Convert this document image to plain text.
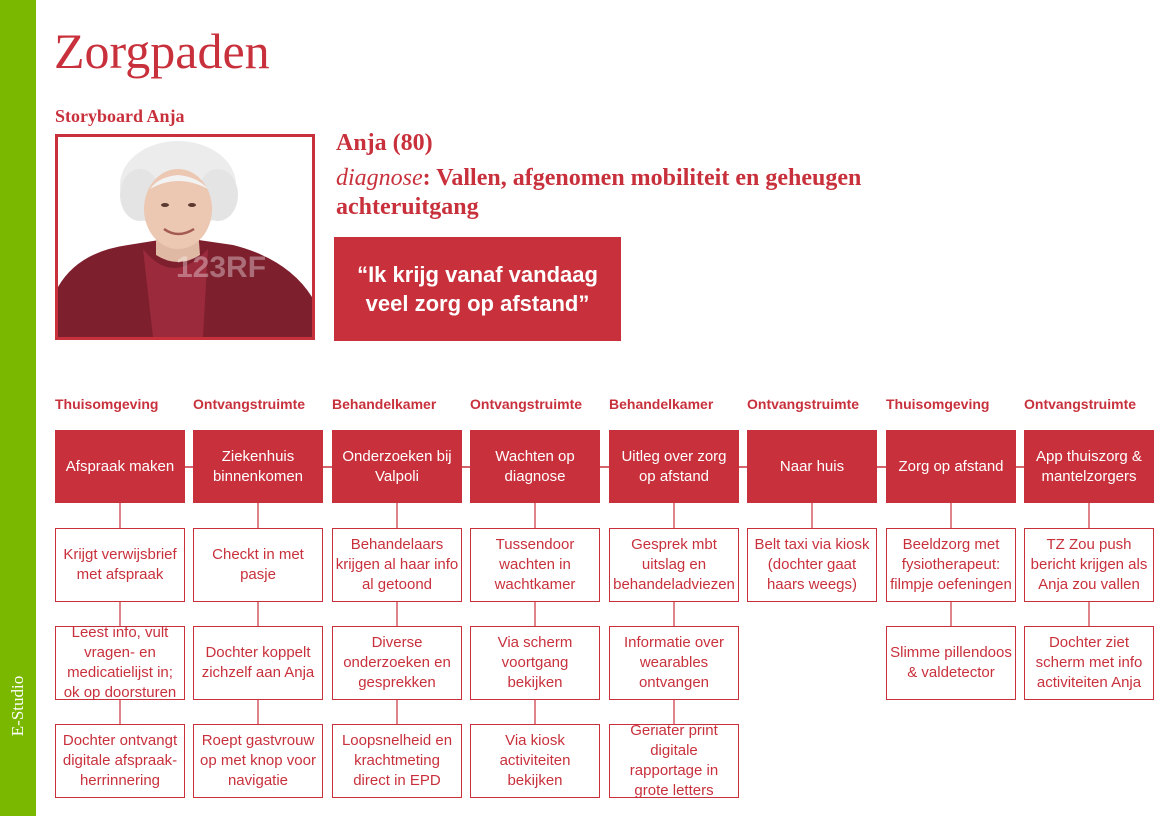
E-Studio
Zorgpaden
Storyboard Anja
123RF
Anja (80)
diagnose: Vallen, afgenomen mobiliteit en geheugen achteruitgang
“Ik krijg vanaf vandaag veel zorg op afstand”
Thuisomgeving
Afspraak maken
Krijgt verwijsbrief met afspraak
Leest info, vult vragen- en medicatielijst in; ok op doorsturen
Dochter ontvangt digitale afspraak-herrinnering
Ontvangstruimte
Ziekenhuis binnenkomen
Checkt in met pasje
Dochter koppelt zichzelf aan Anja
Roept gastvrouw op met knop voor navigatie
Behandelkamer
Onderzoeken bij Valpoli
Behandelaars krijgen al haar info al getoond
Diverse onderzoeken en gesprekken
Loopsnelheid en krachtmeting direct in EPD
Ontvangstruimte
Wachten op diagnose
Tussendoor wachten in wachtkamer
Via scherm voortgang bekijken
Via kiosk activiteiten bekijken
Behandelkamer
Uitleg over zorg op afstand
Gesprek mbt uitslag en behandeladviezen
Informatie over wearables ontvangen
Geriater print digitale rapportage in grote letters
Ontvangstruimte
Naar huis
Belt taxi via kiosk (dochter gaat haars weegs)
Thuisomgeving
Zorg op afstand
Beeldzorg met fysiotherapeut: filmpje oefeningen
Slimme pillendoos & valdetector
Ontvangstruimte
App thuiszorg & mantelzorgers
TZ Zou push bericht krijgen als Anja zou vallen
Dochter ziet scherm met info activiteiten Anja
